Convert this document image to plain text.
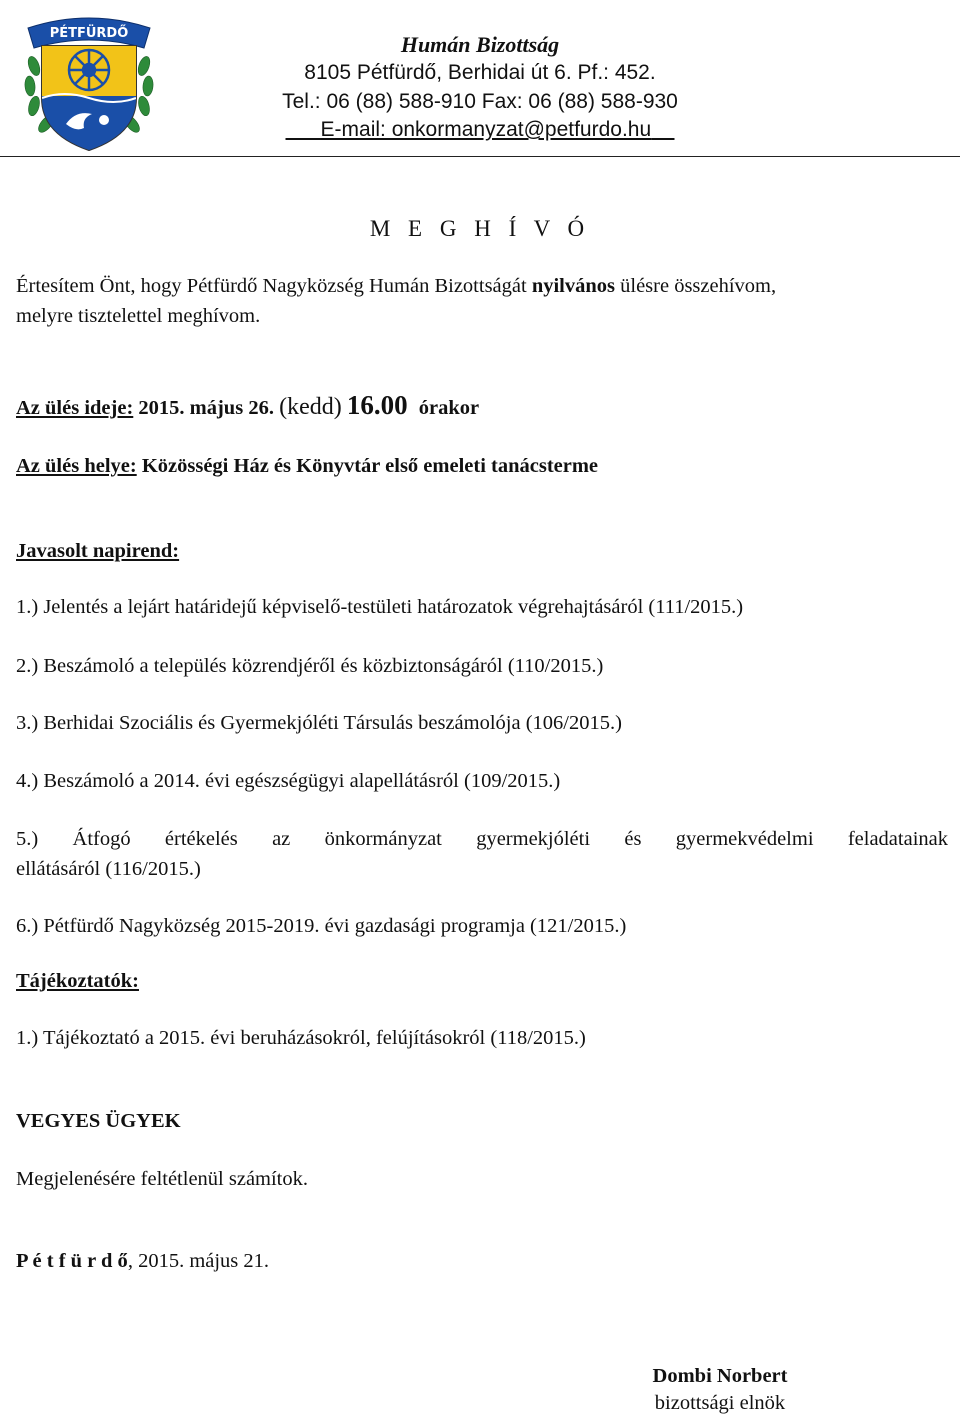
PÉTFÜRDŐ	Humán Bizottság
8105 Pétfürdő, Berhidai út 6. Pf.: 452.
Tel.: 06 (88) 588-910 Fax: 06 (88) 588-930
E-mail: onkormanyzat@petfurdo.hu
M E G H Í V Ó
Értesítem Önt, hogy Pétfürdő Nagyközség Humán Bizottságát nyilvános ülésre összehívom,
melyre tisztelettel meghívom.
Az ülés ideje: 2015. május 26. (kedd) 16.00 órakor
Az ülés helye: Közösségi Ház és Könyvtár első emeleti tanácsterme
Javasolt napirend:
1.) Jelentés a lejárt határidejű képviselő-testületi határozatok végrehajtásáról (111/2015.)
2.) Beszámoló a település közrendjéről és közbiztonságáról (110/2015.)
3.) Berhidai Szociális és Gyermekjóléti Társulás beszámolója (106/2015.)
4.) Beszámoló a 2014. évi egészségügyi alapellátásról (109/2015.)
5.) Átfogó értékelés az önkormányzat gyermekjóléti és gyermekvédelmi feladatainak
ellátásáról (116/2015.)
6.) Pétfürdő Nagyközség 2015-2019. évi gazdasági programja (121/2015.)
Tájékoztatók:
1.) Tájékoztató a 2015. évi beruházásokról, felújításokról (118/2015.)
VEGYES ÜGYEK
Megjelenésére feltétlenül számítok.
P é t f ü r d ő, 2015. május 21.
Dombi Norbert
bizottsági elnök
